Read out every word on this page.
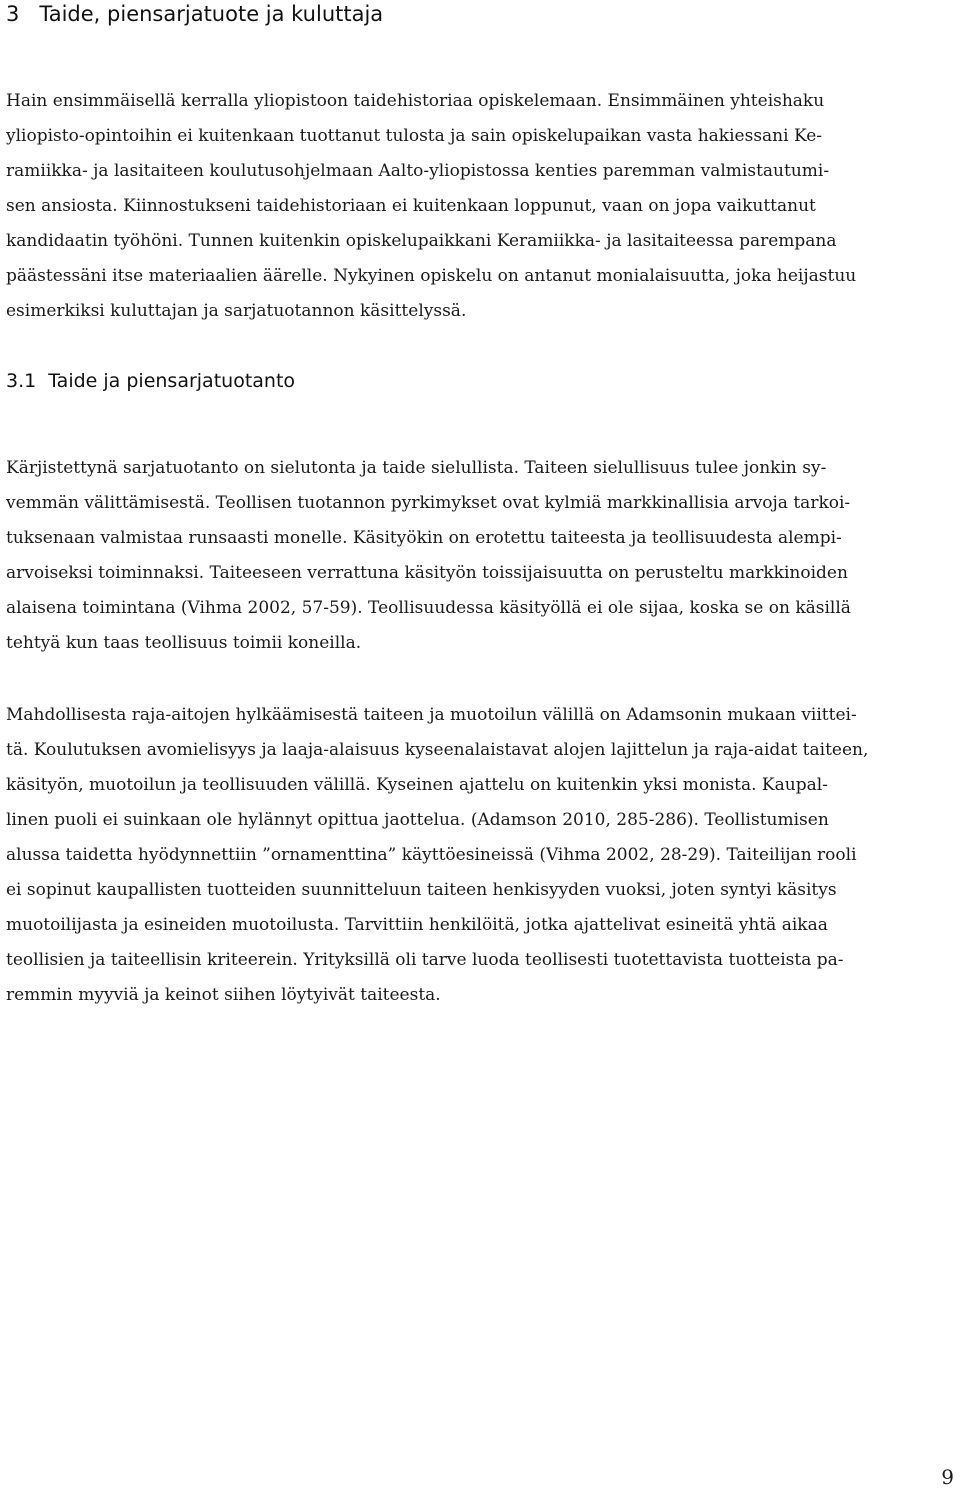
3 Taide, piensarjatuote ja kuluttaja

Hain ensimmäisellä kerralla yliopistoon taidehistoriaa opiskelemaan. Ensimmäinen yhteishaku
yliopisto-opintoihin ei kuitenkaan tuottanut tulosta ja sain opiskelupaikan vasta hakiessani Ke-
ramiikka- ja lasitaiteen koulutusohjelmaan Aalto-yliopistossa kenties paremman valmistautumi-
sen ansiosta. Kiinnostukseni taidehistoriaan ei kuitenkaan loppunut, vaan on jopa vaikuttanut
kandidaatin työhöni. Tunnen kuitenkin opiskelupaikkani Keramiikka- ja lasitaiteessa parempana
päästessäni itse materiaalien äärelle. Nykyinen opiskelu on antanut monialaisuutta, joka heijastuu
esimerkiksi kuluttajan ja sarjatuotannon käsittelyssä.

3.1 Taide ja piensarjatuotanto

Kärjistettynä sarjatuotanto on sielutonta ja taide sielullista. Taiteen sielullisuus tulee jonkin sy-
vemmän välittämisestä. Teollisen tuotannon pyrkimykset ovat kylmiä markkinallisia arvoja tarkoi-
tuksenaan valmistaa runsaasti monelle. Käsityökin on erotettu taiteesta ja teollisuudesta alempi-
arvoiseksi toiminnaksi. Taiteeseen verrattuna käsityön toissijaisuutta on perusteltu markkinoiden
alaisena toimintana (Vihma 2002, 57-59). Teollisuudessa käsityöllä ei ole sijaa, koska se on käsillä
tehtyä kun taas teollisuus toimii koneilla.

Mahdollisesta raja-aitojen hylkäämisestä taiteen ja muotoilun välillä on Adamsonin mukaan viittei-
tä. Koulutuksen avomielisyys ja laaja-alaisuus kyseenalaistavat alojen lajittelun ja raja-aidat taiteen,
käsityön, muotoilun ja teollisuuden välillä. Kyseinen ajattelu on kuitenkin yksi monista. Kaupal-
linen puoli ei suinkaan ole hylännyt opittua jaottelua. (Adamson 2010, 285-286). Teollistumisen
alussa taidetta hyödynnettiin ”ornamenttina” käyttöesineissä (Vihma 2002, 28-29). Taiteilijan rooli
ei sopinut kaupallisten tuotteiden suunnitteluun taiteen henkisyyden vuoksi, joten syntyi käsitys
muotoilijasta ja esineiden muotoilusta. Tarvittiin henkilöitä, jotka ajattelivat esineitä yhtä aikaa
teollisien ja taiteellisin kriteerein. Yrityksillä oli tarve luoda teollisesti tuotettavista tuotteista pa-
remmin myyviä ja keinot siihen löytyivät taiteesta.

9
